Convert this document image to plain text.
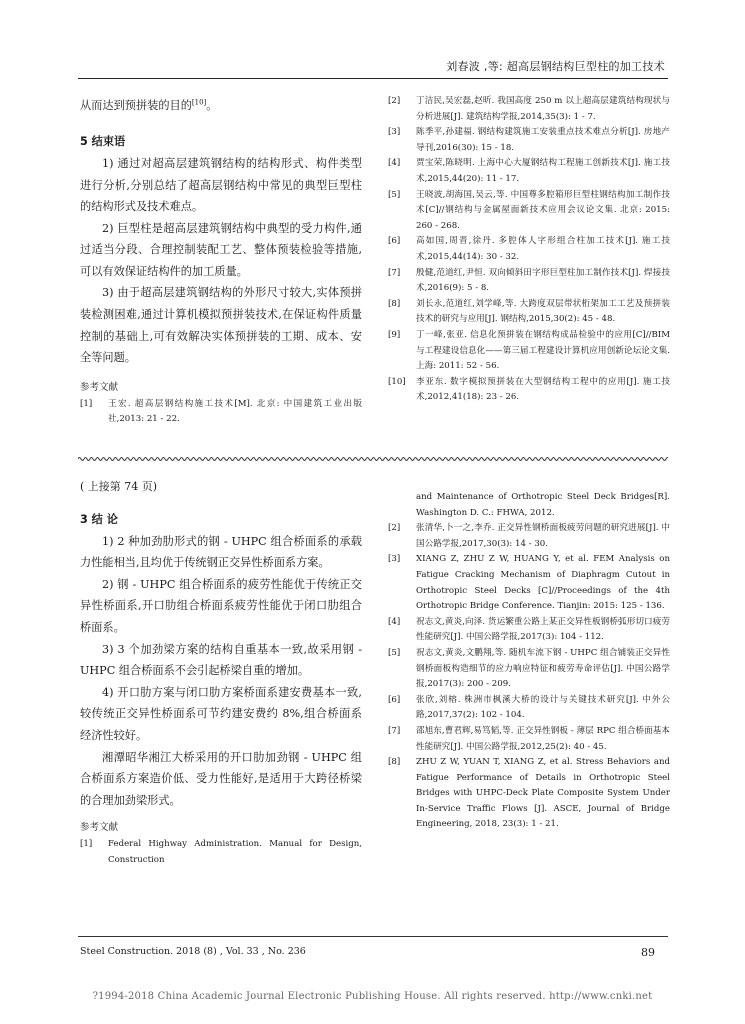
刘春波 ,等: 超高层钢结构巨型柱的加工技术

从而达到预拼装的目的[10]。

5 结束语

1) 通过对超高层建筑钢结构的结构形式、构件类型进行分析,分别总结了超高层钢结构中常见的典型巨型柱的结构形式及技术难点。

2) 巨型柱是超高层建筑钢结构中典型的受力构件,通过适当分段、合理控制装配工艺、整体预装检验等措施,可以有效保证结构件的加工质量。

3) 由于超高层建筑钢结构的外形尺寸较大,实体预拼装检测困难,通过计算机模拟预拼装技术,在保证构件质量控制的基础上,可有效解决实体预拼装的工期、成本、安全等问题。

参考文献

[1]	王宏. 超高层钢结构施工技术[M]. 北京: 中国建筑工业出版社,2013: 21 - 22.
[2]	丁洁民,吴宏磊,赵昕. 我国高度 250 m 以上超高层建筑结构现状与分析进展[J]. 建筑结构学报,2014,35(3): 1 - 7.
[3]	陈季平,孙建福. 钢结构建筑施工安装重点技术难点分析[J]. 房地产导刊,2016(30): 15 - 18.
[4]	贾宝荣,陈晓明. 上海中心大厦钢结构工程施工创新技术[J]. 施工技术,2015,44(20): 11 - 17.
[5]	王晓波,胡海国,吴云,等. 中国尊多腔箱形巨型柱钢结构加工制作技术[C]//钢结构与金属屋面新技术应用会议论文集. 北京: 2015: 260 - 268.
[6]	高如国,周晋,徐丹. 多腔体人字形组合柱加工技术[J]. 施工技术,2015,44(14): 30 - 32.
[7]	殷健,范道红,尹恒. 双向倾斜田字形巨型柱加工制作技术[J]. 焊接技术,2016(9): 5 - 8.
[8]	刘长永,范道红,刘学峰,等. 大跨度双层带状桁架加工工艺及预拼装技术的研究与应用[J]. 钢结构,2015,30(2): 45 - 48.
[9]	丁一峰,张亚. 信息化预拼装在钢结构成品检验中的应用[C]//BIM 与工程建设信息化——第三届工程建设计算机应用创新论坛论文集. 上海: 2011: 52 - 56.
[10]	李亚东. 数字模拟预拼装在大型钢结构工程中的应用[J]. 施工技术,2012,41(18): 23 - 26.
( 上接第 74 页)

3 结 论

1) 2 种加劲肋形式的钢 - UHPC 组合桥面系的承载力性能相当,且均优于传统钢正交异性桥面系方案。

2) 钢 - UHPC 组合桥面系的疲劳性能优于传统正交异性桥面系,开口肋组合桥面系疲劳性能优于闭口肋组合桥面系。

3) 3 个加劲梁方案的结构自重基本一致,故采用钢 - UHPC 组合桥面系不会引起桥梁自重的增加。

4) 开口肋方案与闭口肋方案桥面系建安费基本一致,较传统正交异性桥面系可节约建安费约 8%,组合桥面系经济性较好。

湘潭昭华湘江大桥采用的开口肋加劲钢 - UHPC 组合桥面系方案造价低、受力性能好,是适用于大跨径桥梁的合理加劲梁形式。

参考文献

[1]	Federal Highway Administration. Manual for Design, Construction
and Maintenance of Orthotropic Steel Deck Bridges[R]. Washington D. C.: FHWA, 2012.
[2]	张清华,卜一之,李乔. 正交异性钢桥面板疲劳问题的研究进展[J]. 中国公路学报,2017,30(3): 14 - 30.
[3]	XIANG Z, ZHU Z W, HUANG Y, et al. FEM Analysis on Fatigue Cracking Mechanism of Diaphragm Cutout in Orthotropic Steel Decks [C]//Proceedings of the 4th Orthotropic Bridge Conference. Tianjin: 2015: 125 - 136.
[4]	祝志文,黄炎,向泽. 货运繁重公路上某正交异性板钢桥弧形切口疲劳性能研究[J]. 中国公路学报,2017(3): 104 - 112.
[5]	祝志文,黄炎,文鹏翔,等. 随机车流下钢 - UHPC 组合铺装正交异性钢桥面板构造细节的应力响应特征和疲劳寿命评估[J]. 中国公路学报,2017(3): 200 - 209.
[6]	张欣,刘榕. 株洲市枫溪大桥的设计与关键技术研究[J]. 中外公路,2017,37(2): 102 - 104.
[7]	邵旭东,曹君辉,易笃韬,等. 正交异性钢板 - 薄层 RPC 组合桥面基本性能研究[J]. 中国公路学报,2012,25(2): 40 - 45.
[8]	ZHU Z W, YUAN T, XIANG Z, et al. Stress Behaviors and Fatigue Performance of Details in Orthotropic Steel Bridges with UHPC-Deck Plate Composite System Under In-Service Traffic Flows [J]. ASCE, Journal of Bridge Engineering, 2018, 23(3): 1 - 21.
Steel Construction. 2018 (8) , Vol. 33 , No. 236	89
?1994-2018 China Academic Journal Electronic Publishing House. All rights reserved. http://www.cnki.net
